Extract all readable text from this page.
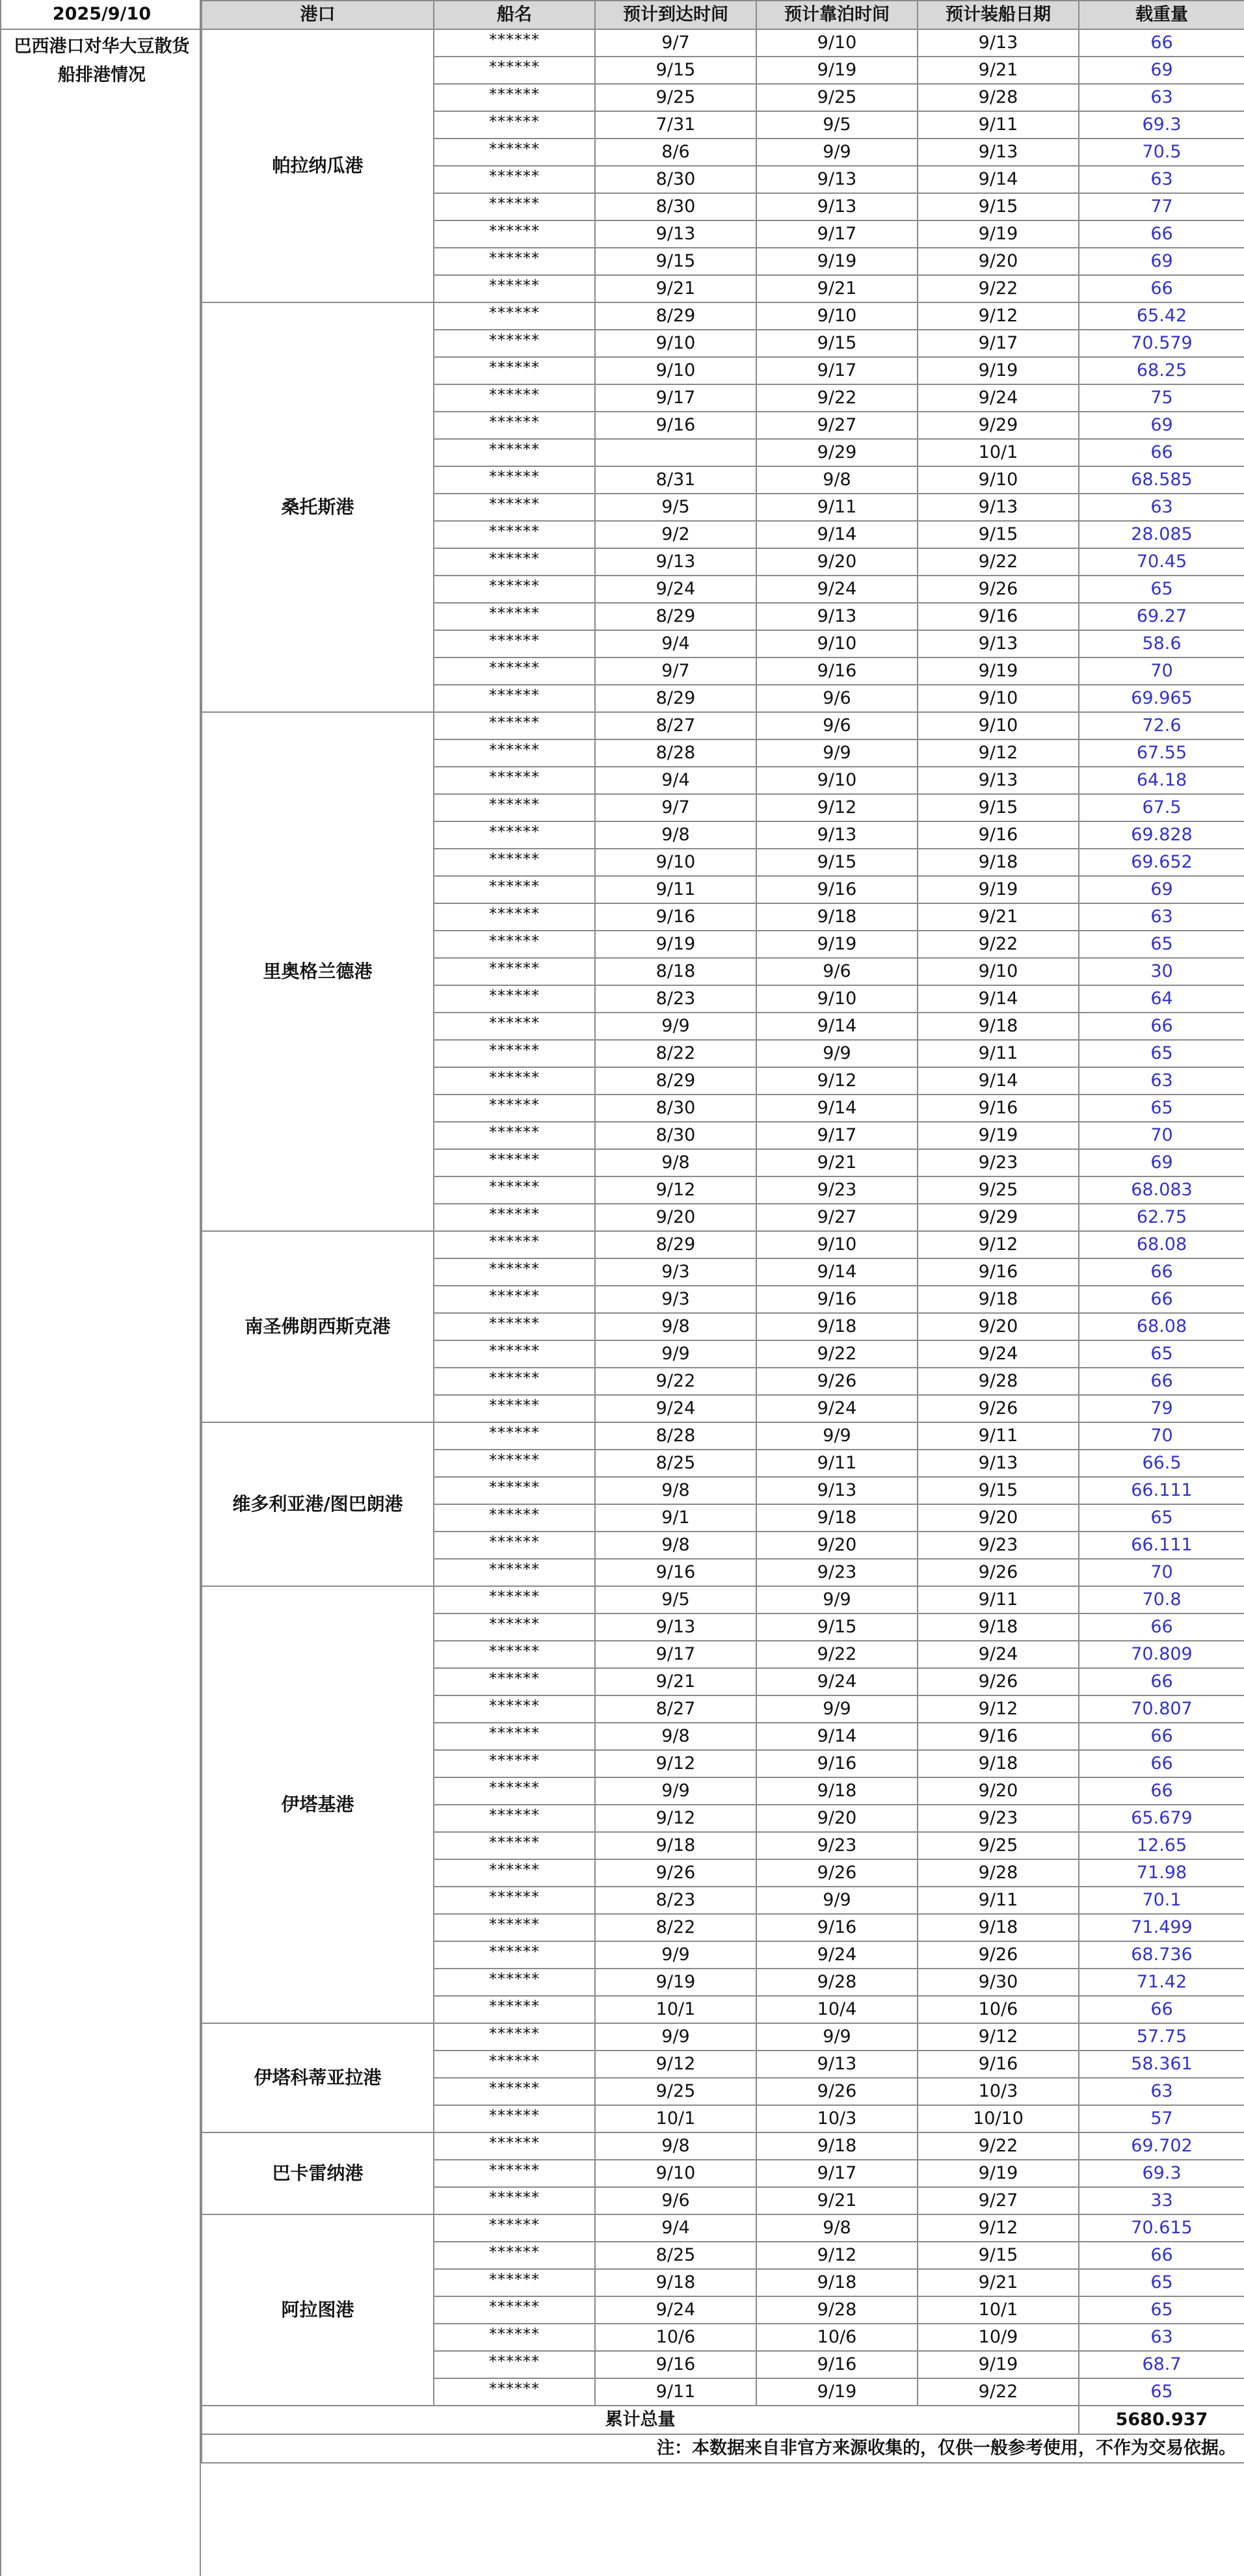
2025/9/10
巴西港口对华大豆散货船排港情况
港口	船名	预计到达时间	预计靠泊时间	预计装船日期	载重量
帕拉纳瓜港	******	9/7	9/10	9/13	66
	******	9/15	9/19	9/21	69
	******	9/25	9/25	9/28	63
	******	7/31	9/5	9/11	69.3
	******	8/6	9/9	9/13	70.5
	******	8/30	9/13	9/14	63
	******	8/30	9/13	9/15	77
	******	9/13	9/17	9/19	66
	******	9/15	9/19	9/20	69
	******	9/21	9/21	9/22	66
桑托斯港	******	8/29	9/10	9/12	65.42
	******	9/10	9/15	9/17	70.579
	******	9/10	9/17	9/19	68.25
	******	9/17	9/22	9/24	75
	******	9/16	9/27	9/29	69
	******		9/29	10/1	66
	******	8/31	9/8	9/10	68.585
	******	9/5	9/11	9/13	63
	******	9/2	9/14	9/15	28.085
	******	9/13	9/20	9/22	70.45
	******	9/24	9/24	9/26	65
	******	8/29	9/13	9/16	69.27
	******	9/4	9/10	9/13	58.6
	******	9/7	9/16	9/19	70
	******	8/29	9/6	9/10	69.965
里奥格兰德港	******	8/27	9/6	9/10	72.6
	******	8/28	9/9	9/12	67.55
	******	9/4	9/10	9/13	64.18
	******	9/7	9/12	9/15	67.5
	******	9/8	9/13	9/16	69.828
	******	9/10	9/15	9/18	69.652
	******	9/11	9/16	9/19	69
	******	9/16	9/18	9/21	63
	******	9/19	9/19	9/22	65
	******	8/18	9/6	9/10	30
	******	8/23	9/10	9/14	64
	******	9/9	9/14	9/18	66
	******	8/22	9/9	9/11	65
	******	8/29	9/12	9/14	63
	******	8/30	9/14	9/16	65
	******	8/30	9/17	9/19	70
	******	9/8	9/21	9/23	69
	******	9/12	9/23	9/25	68.083
	******	9/20	9/27	9/29	62.75
南圣佛朗西斯克港	******	8/29	9/10	9/12	68.08
	******	9/3	9/14	9/16	66
	******	9/3	9/16	9/18	66
	******	9/8	9/18	9/20	68.08
	******	9/9	9/22	9/24	65
	******	9/22	9/26	9/28	66
	******	9/24	9/24	9/26	79
维多利亚港/图巴朗港	******	8/28	9/9	9/11	70
	******	8/25	9/11	9/13	66.5
	******	9/8	9/13	9/15	66.111
	******	9/1	9/18	9/20	65
	******	9/8	9/20	9/23	66.111
	******	9/16	9/23	9/26	70
伊塔基港	******	9/5	9/9	9/11	70.8
	******	9/13	9/15	9/18	66
	******	9/17	9/22	9/24	70.809
	******	9/21	9/24	9/26	66
	******	8/27	9/9	9/12	70.807
	******	9/8	9/14	9/16	66
	******	9/12	9/16	9/18	66
	******	9/9	9/18	9/20	66
	******	9/12	9/20	9/23	65.679
	******	9/18	9/23	9/25	12.65
	******	9/26	9/26	9/28	71.98
	******	8/23	9/9	9/11	70.1
	******	8/22	9/16	9/18	71.499
	******	9/9	9/24	9/26	68.736
	******	9/19	9/28	9/30	71.42
	******	10/1	10/4	10/6	66
伊塔科蒂亚拉港	******	9/9	9/9	9/12	57.75
	******	9/12	9/13	9/16	58.361
	******	9/25	9/26	10/3	63
	******	10/1	10/3	10/10	57
巴卡雷纳港	******	9/8	9/18	9/22	69.702
	******	9/10	9/17	9/19	69.3
	******	9/6	9/21	9/27	33
阿拉图港	******	9/4	9/8	9/12	70.615
	******	8/25	9/12	9/15	66
	******	9/18	9/18	9/21	65
	******	9/24	9/28	10/1	65
	******	10/6	10/6	10/9	63
	******	9/16	9/16	9/19	68.7
	******	9/11	9/19	9/22	65
累计总量					5680.937
注：本数据来自非官方来源收集的，仅供一般参考使用，不作为交易依据。					
